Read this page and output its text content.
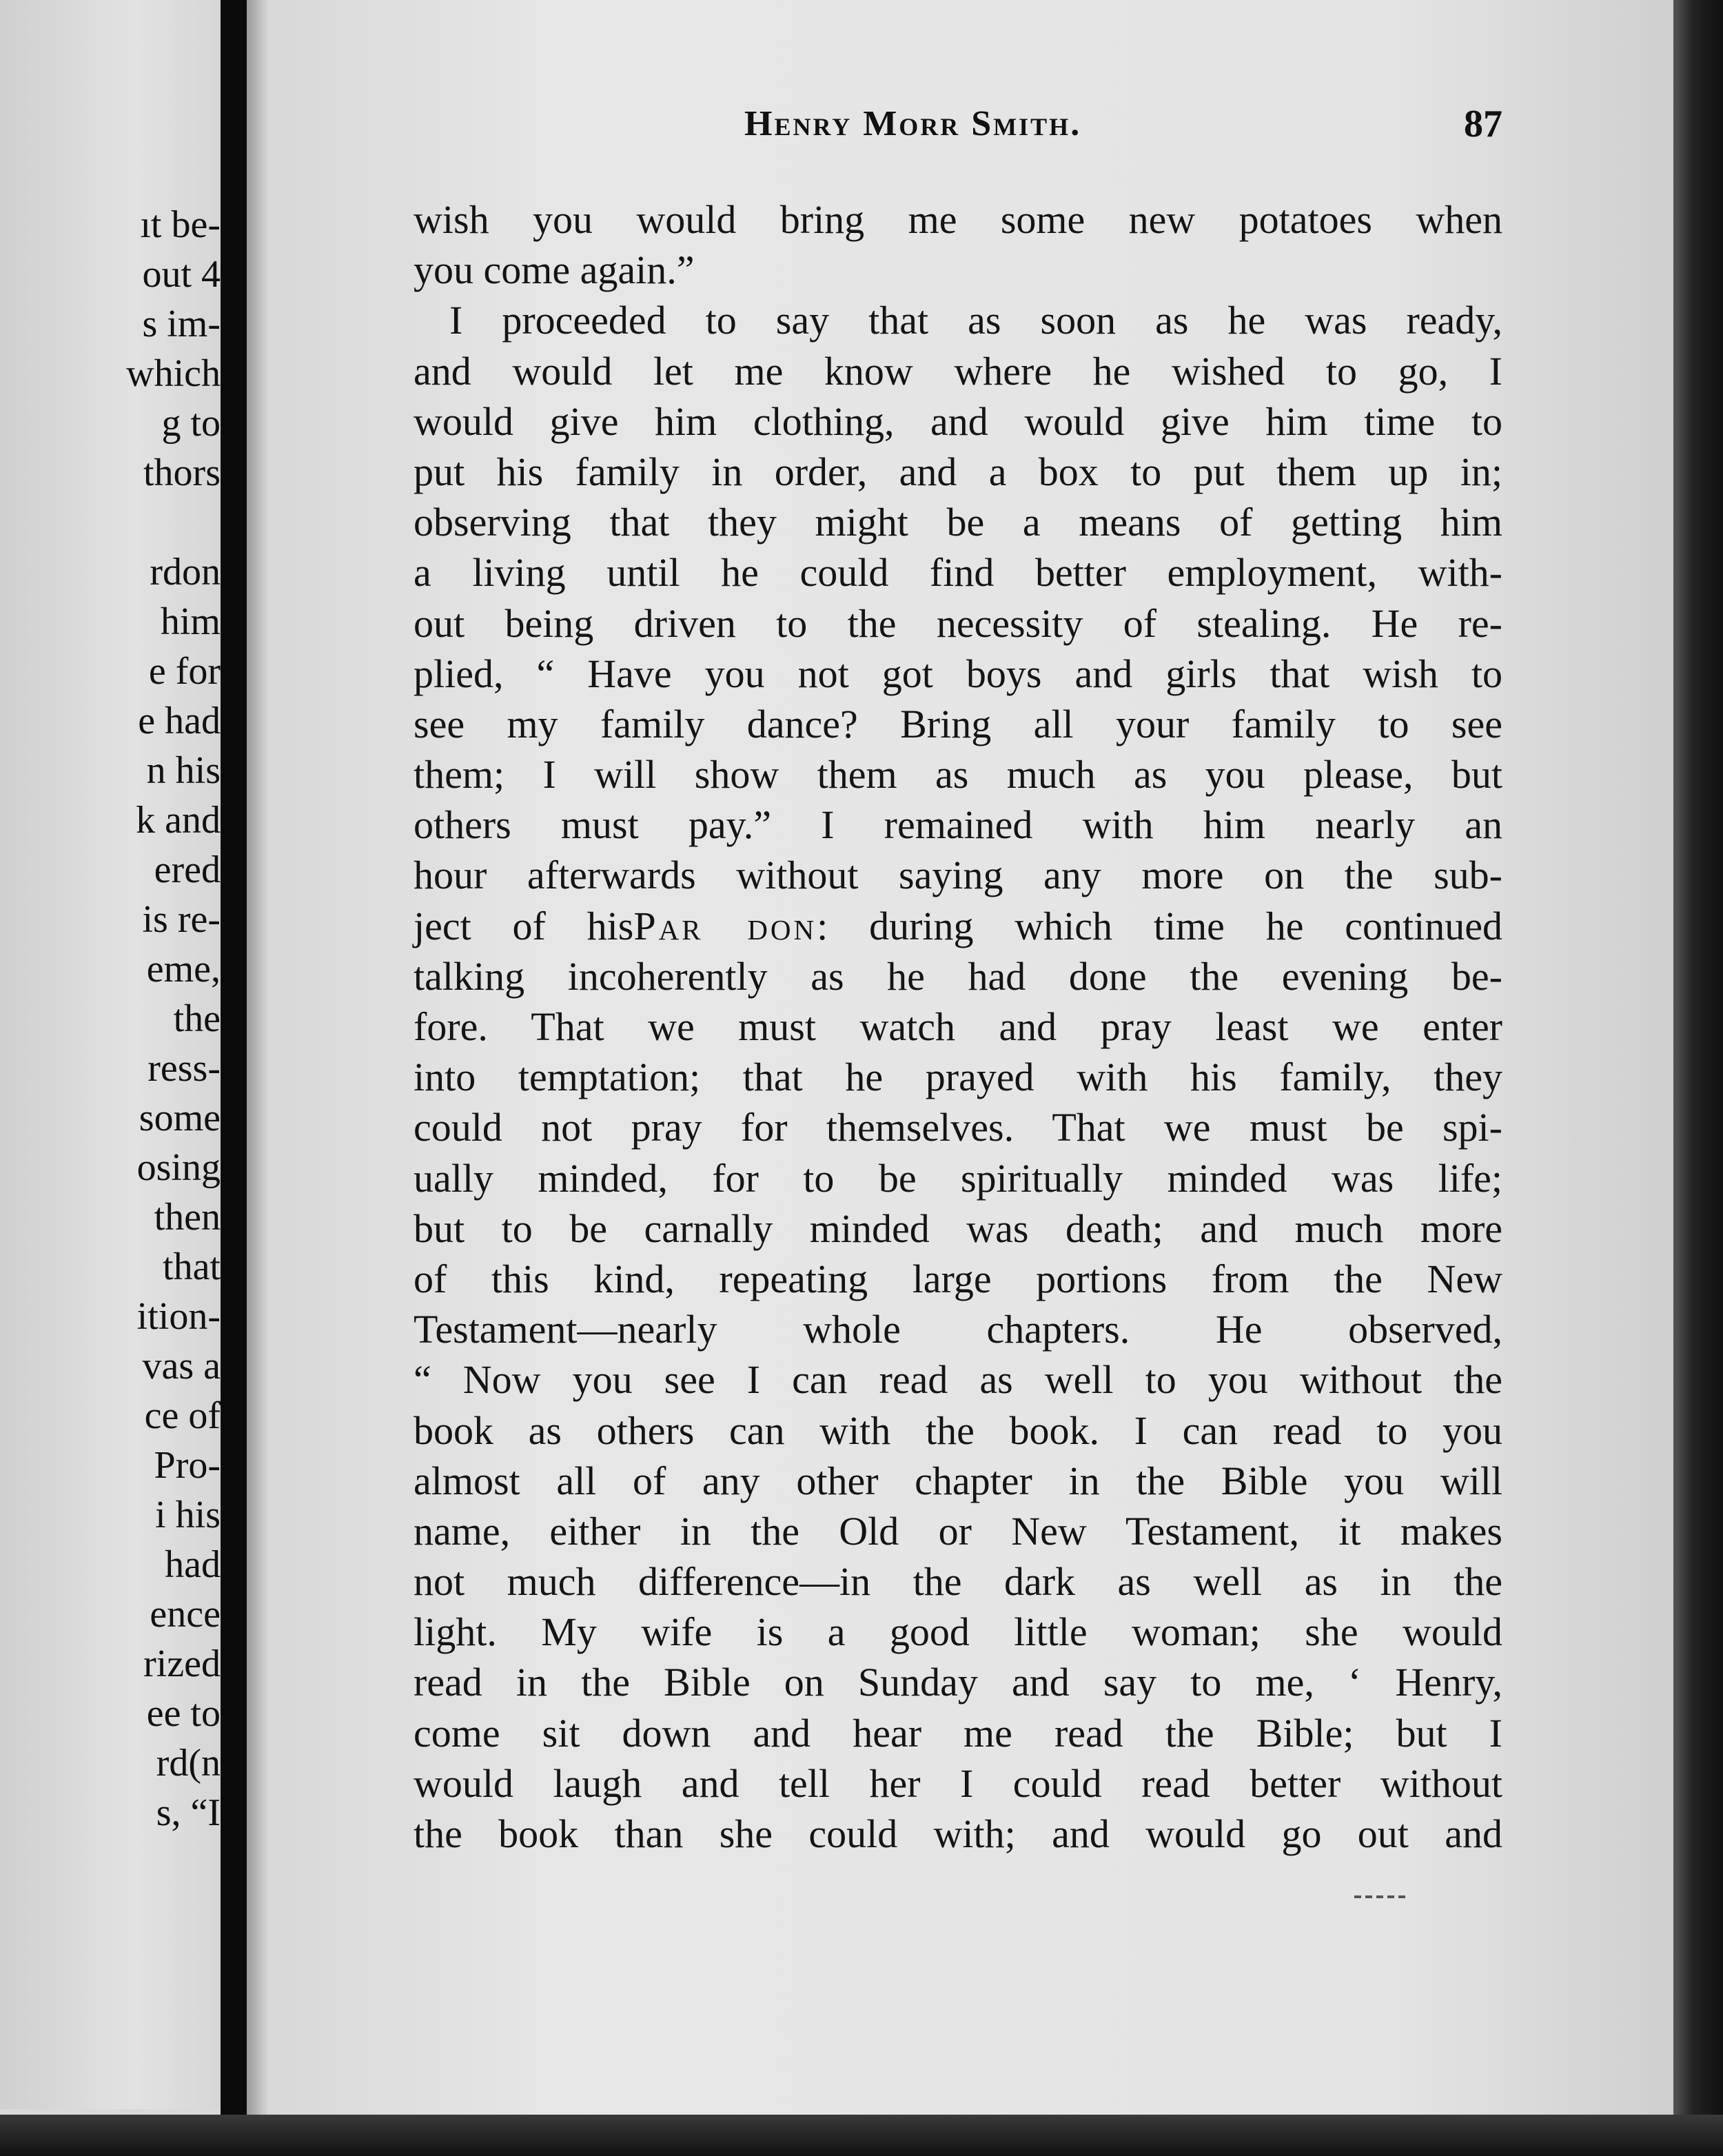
ıt be-
out 4
s im-
which
g to
thors
rdon
him
e for
e had
n his
k and
ered
is re-
eme,
the
ress-
some
osing
then
that
ition-
vas a
ce of
Pro-
i his
had
ence
rized
ee to
rd(n
s, “I
Henry Morr Smith.	87
wish you would bring me some new potatoes when
you come again.”
I proceeded to say that as soon as he was ready,
and would let me know where he wished to go, I
would give him clothing, and would give him time to
put his family in order, and a box to put them up in;
observing that they might be a means of getting him
a living until he could find better employment, with-
out being driven to the necessity of stealing. He re-
plied, “ Have you not got boys and girls that wish to
see my family dance? Bring all your family to see
them; I will show them as much as you please, but
others must pay.” I remained with him nearly an
hour afterwards without saying any more on the sub-
ject of hisPar don: during which time he continued
talking incoherently as he had done the evening be-
fore. That we must watch and pray least we enter
into temptation; that he prayed with his family, they
could not pray for themselves. That we must be spi-
ually minded, for to be spiritually minded was life;
but to be carnally minded was death; and much more
of this kind, repeating large portions from the New
Testament—nearly whole chapters. He observed,
“ Now you see I can read as well to you without the
book as others can with the book. I can read to you
almost all of any other chapter in the Bible you will
name, either in the Old or New Testament, it makes
not much difference—in the dark as well as in the
light. My wife is a good little woman; she would
read in the Bible on Sunday and say to me, ‘ Henry,
come sit down and hear me read the Bible; but I
would laugh and tell her I could read better without
the book than she could with; and would go out and
